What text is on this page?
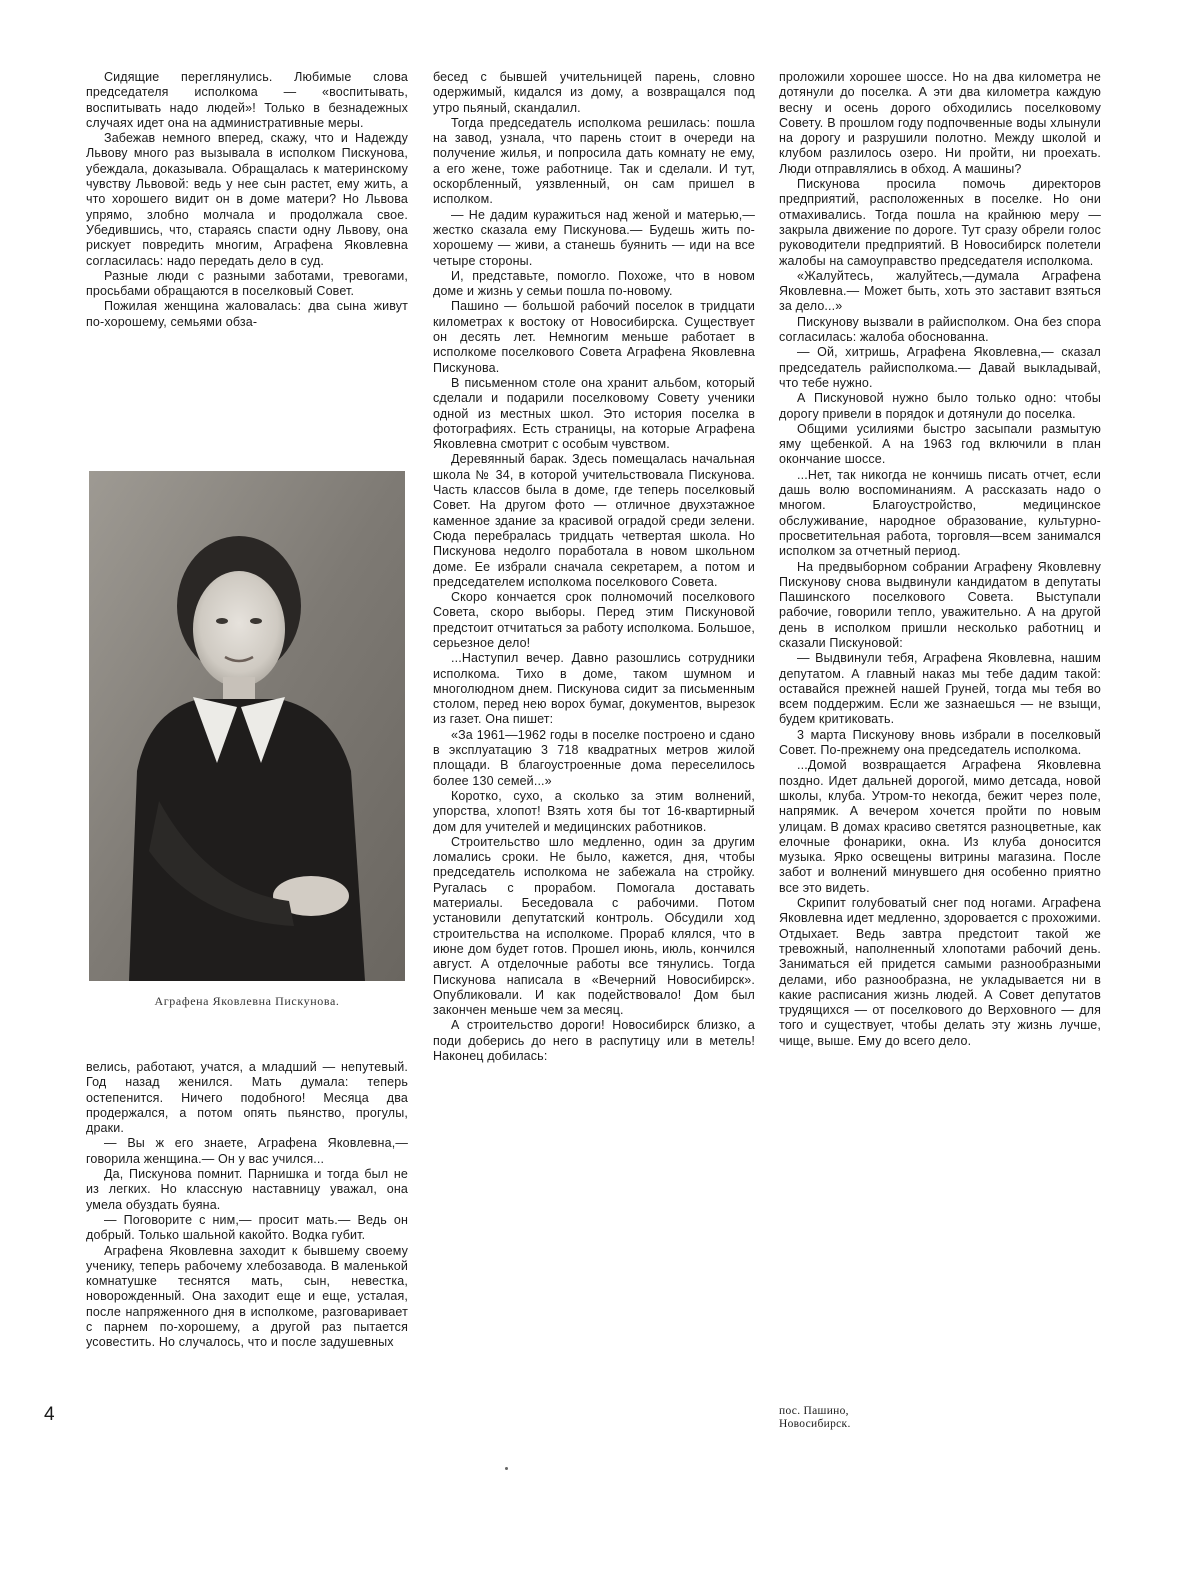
Сидящие переглянулись. Любимые слова председателя исполкома — «воспитывать, воспитывать надо людей»! Только в безнадежных случаях идет она на административные меры.

Забежав немного вперед, скажу, что и Надежду Львову много раз вызывала в исполком Пискунова, убеждала, доказывала. Обращалась к материнскому чувству Львовой: ведь у нее сын растет, ему жить, а что хорошего видит он в доме матери? Но Львова упрямо, злобно молчала и продолжала свое. Убедившись, что, стараясь спасти одну Львову, она рискует повредить многим, Аграфена Яковлевна согласилась: надо передать дело в суд.

Разные люди с разными заботами, тревогами, просьбами обращаются в поселковый Совет.

Пожилая женщина жаловалась: два сына живут по-хорошему, семьями обза-

Аграфена Яковлевна Пискунова.

велись, работают, учатся, а младший — непутевый. Год назад женился. Мать думала: теперь остепенится. Ничего подобного! Месяца два продержался, а потом опять пьянство, прогулы, драки.

— Вы ж его знаете, Аграфена Яковлевна,— говорила женщина.— Он у вас учился...

Да, Пискунова помнит. Парнишка и тогда был не из легких. Но классную наставницу уважал, она умела обуздать буяна.

— Поговорите с ним,— просит мать.— Ведь он добрый. Только шальной какойто. Водка губит.

Аграфена Яковлевна заходит к бывшему своему ученику, теперь рабочему хлебозавода. В маленькой комнатушке теснятся мать, сын, невестка, новорожденный. Она заходит еще и еще, усталая, после напряженного дня в исполкоме, разговаривает с парнем по-хорошему, а другой раз пытается усовестить. Но случалось, что и после задушевных

бесед с бывшей учительницей парень, словно одержимый, кидался из дому, а возвращался под утро пьяный, скандалил.

Тогда председатель исполкома решилась: пошла на завод, узнала, что парень стоит в очереди на получение жилья, и попросила дать комнату не ему, а его жене, тоже работнице. Так и сделали. И тут, оскорбленный, уязвленный, он сам пришел в исполком.

— Не дадим куражиться над женой и матерью,— жестко сказала ему Пискунова.— Будешь жить по-хорошему — живи, а станешь буянить — иди на все четыре стороны.

И, представьте, помогло. Похоже, что в новом доме и жизнь у семьи пошла по-новому.

Пашино — большой рабочий поселок в тридцати километрах к востоку от Новосибирска. Существует он десять лет. Немногим меньше работает в исполкоме поселкового Совета Аграфена Яковлевна Пискунова.

В письменном столе она хранит альбом, который сделали и подарили поселковому Совету ученики одной из местных школ. Это история поселка в фотографиях. Есть страницы, на которые Аграфена Яковлевна смотрит с особым чувством.

Деревянный барак. Здесь помещалась начальная школа № 34, в которой учительствовала Пискунова. Часть классов была в доме, где теперь поселковый Совет. На другом фото — отличное двухэтажное каменное здание за красивой оградой среди зелени. Сюда перебралась тридцать четвертая школа. Но Пискунова недолго поработала в новом школьном доме. Ее избрали сначала секретарем, а потом и председателем исполкома поселкового Совета.

Скоро кончается срок полномочий поселкового Совета, скоро выборы. Перед этим Пискуновой предстоит отчитаться за работу исполкома. Большое, серьезное дело!

...Наступил вечер. Давно разошлись сотрудники исполкома. Тихо в доме, таком шумном и многолюдном днем. Пискунова сидит за письменным столом, перед нею ворох бумаг, документов, вырезок из газет. Она пишет:

«За 1961—1962 годы в поселке построено и сдано в эксплуатацию 3 718 квадратных метров жилой площади. В благоустроенные дома переселилось более 130 семей...»

Коротко, сухо, а сколько за этим волнений, упорства, хлопот! Взять хотя бы тот 16-квартирный дом для учителей и медицинских работников.

Строительство шло медленно, один за другим ломались сроки. Не было, кажется, дня, чтобы председатель исполкома не забежала на стройку. Ругалась с прорабом. Помогала доставать материалы. Беседовала с рабочими. Потом установили депутатский контроль. Обсудили ход строительства на исполкоме. Прораб клялся, что в июне дом будет готов. Прошел июнь, июль, кончился август. А отделочные работы все тянулись. Тогда Пискунова написала в «Вечерний Новосибирск». Опубликовали. И как подействовало! Дом был закончен меньше чем за месяц.

А строительство дороги! Новосибирск близко, а поди доберись до него в распутицу или в метель! Наконец добилась:

проложили хорошее шоссе. Но на два километра не дотянули до поселка. А эти два километра каждую весну и осень дорого обходились поселковому Совету. В прошлом году подпочвенные воды хлынули на дорогу и разрушили полотно. Между школой и клубом разлилось озеро. Ни пройти, ни проехать. Люди отправлялись в обход. А машины?

Пискунова просила помочь директоров предприятий, расположенных в поселке. Но они отмахивались. Тогда пошла на крайнюю меру — закрыла движение по дороге. Тут сразу обрели голос руководители предприятий. В Новосибирск полетели жалобы на самоуправство председателя исполкома.

«Жалуйтесь, жалуйтесь,—думала Аграфена Яковлевна.— Может быть, хоть это заставит взяться за дело...»

Пискунову вызвали в райисполком. Она без спора согласилась: жалоба обоснованна.

— Ой, хитришь, Аграфена Яковлевна,— сказал председатель райисполкома.— Давай выкладывай, что тебе нужно.

А Пискуновой нужно было только одно: чтобы дорогу привели в порядок и дотянули до поселка.

Общими усилиями быстро засыпали размытую яму щебенкой. А на 1963 год включили в план окончание шоссе.

...Нет, так никогда не кончишь писать отчет, если дашь волю воспоминаниям. А рассказать надо о многом. Благоустройство, медицинское обслуживание, народное образование, культурно-просветительная работа, торговля—всем занимался исполком за отчетный период.

На предвыборном собрании Аграфену Яковлевну Пискунову снова выдвинули кандидатом в депутаты Пашинского поселкового Совета. Выступали рабочие, говорили тепло, уважительно. А на другой день в исполком пришли несколько работниц и сказали Пискуновой:

— Выдвинули тебя, Аграфена Яковлевна, нашим депутатом. А главный наказ мы тебе дадим такой: оставайся прежней нашей Груней, тогда мы тебя во всем поддержим. Если же зазнаешься — не взыщи, будем критиковать.

3 марта Пискунову вновь избрали в поселковый Совет. По-прежнему она председатель исполкома.

...Домой возвращается Аграфена Яковлевна поздно. Идет дальней дорогой, мимо детсада, новой школы, клуба. Утром-то некогда, бежит через поле, напрямик. А вечером хочется пройти по новым улицам. В домах красиво светятся разноцветные, как елочные фонарики, окна. Из клуба доносится музыка. Ярко освещены витрины магазина. После забот и волнений минувшего дня особенно приятно все это видеть.

Скрипит голубоватый снег под ногами. Аграфена Яковлевна идет медленно, здоровается с прохожими. Отдыхает. Ведь завтра предстоит такой же тревожный, наполненный хлопотами рабочий день. Заниматься ей придется самыми разнообразными делами, ибо разнообразна, не укладывается ни в какие расписания жизнь людей. А Совет депутатов трудящихся — от поселкового до Верховного — для того и существует, чтобы делать эту жизнь лучше, чище, выше. Ему до всего дело.

4	пос. Пашино,
Новосибирск.
